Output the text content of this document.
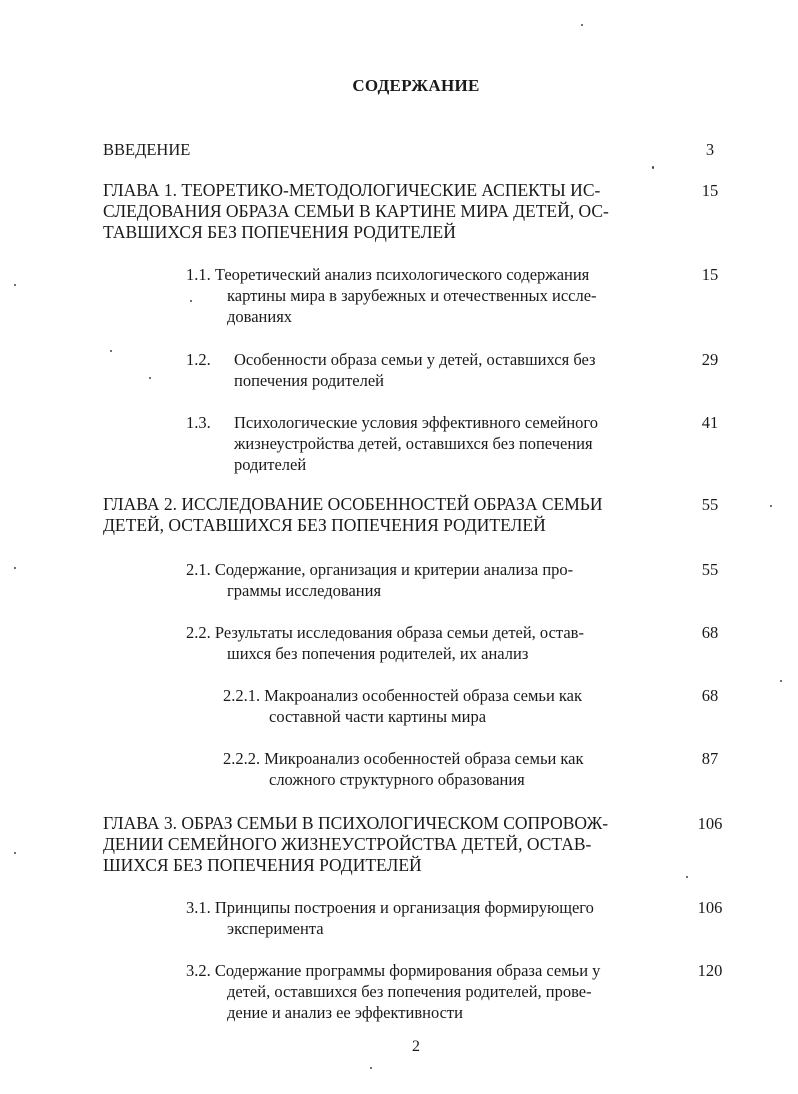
СОДЕРЖАНИЕ
ВВЕДЕНИЕ	3
ГЛАВА 1. ТЕОРЕТИКО-МЕТОДОЛОГИЧЕСКИЕ АСПЕКТЫ ИС-
СЛЕДОВАНИЯ ОБРАЗА СЕМЬИ В КАРТИНЕ МИРА ДЕТЕЙ, ОС-
ТАВШИХСЯ БЕЗ ПОПЕЧЕНИЯ РОДИТЕЛЕЙ
15
1.1. Теоретический анализ психологического содержания
картины мира в зарубежных и отечественных иссле-
дованиях
15
1.2. Особенности образа семьи у детей, оставшихся без
попечения родителей
29
1.3. Психологические условия эффективного семейного
жизнеустройства детей, оставшихся без попечения
родителей
41
ГЛАВА 2. ИССЛЕДОВАНИЕ ОСОБЕННОСТЕЙ ОБРАЗА СЕМЬИ
ДЕТЕЙ, ОСТАВШИХСЯ БЕЗ ПОПЕЧЕНИЯ РОДИТЕЛЕЙ
55
2.1. Содержание, организация и критерии анализа про-
граммы исследования
55
2.2. Результаты исследования образа семьи детей, остав-
шихся без попечения родителей, их анализ
68
2.2.1. Макроанализ особенностей образа семьи как
составной части картины мира
68
2.2.2. Микроанализ особенностей образа семьи как
сложного структурного образования
87
ГЛАВА 3. ОБРАЗ СЕМЬИ В ПСИХОЛОГИЧЕСКОМ СОПРОВОЖ-
ДЕНИИ СЕМЕЙНОГО ЖИЗНЕУСТРОЙСТВА ДЕТЕЙ, ОСТАВ-
ШИХСЯ БЕЗ ПОПЕЧЕНИЯ РОДИТЕЛЕЙ
106
3.1. Принципы построения и организация формирующего
эксперимента
106
3.2. Содержание программы формирования образа семьи у
детей, оставшихся без попечения родителей, прове-
дение и анализ ее эффективности
120
2
